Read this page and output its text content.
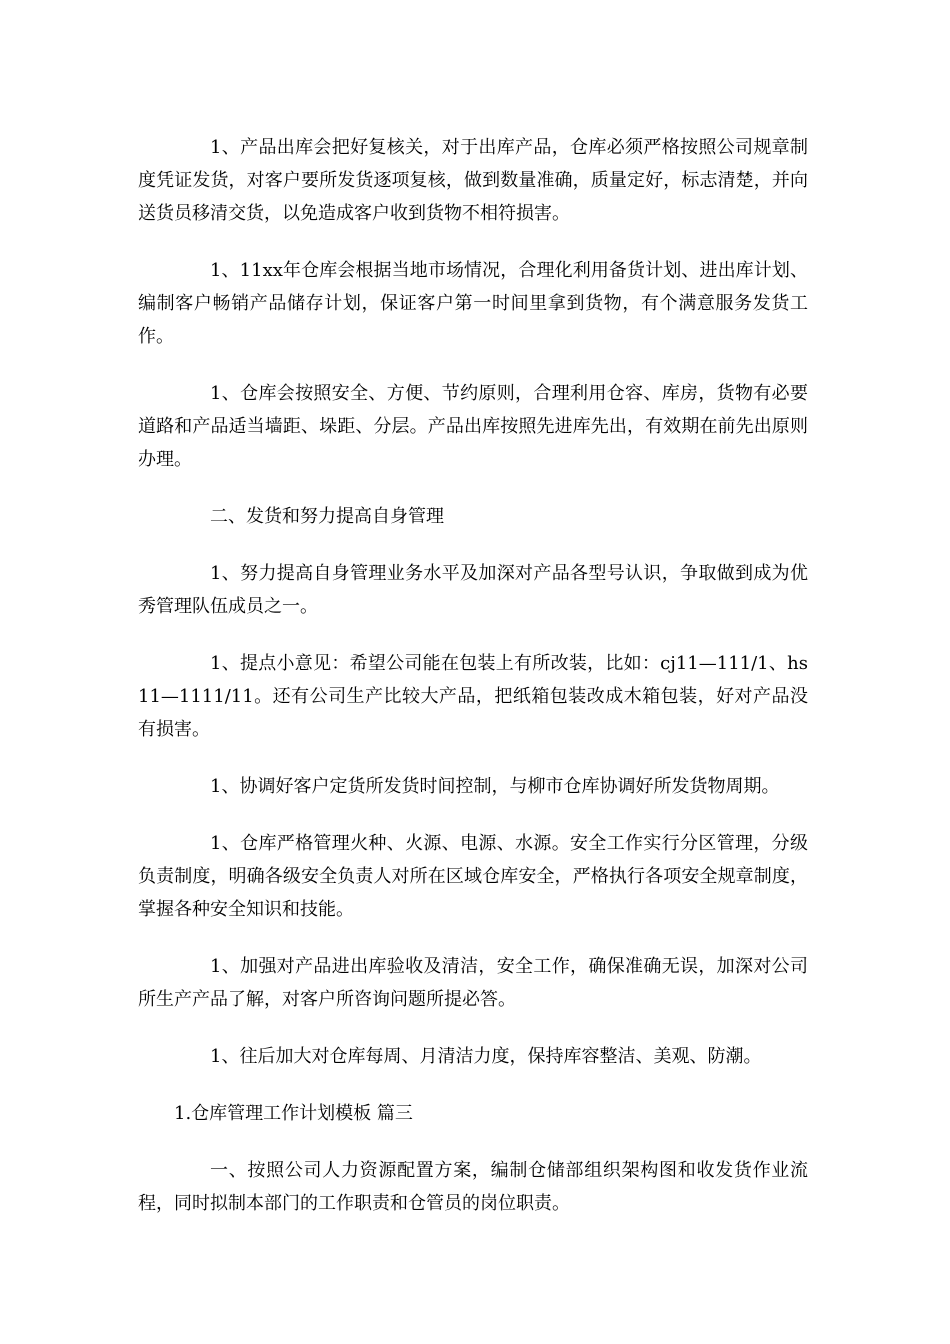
1、产品出库会把好复核关，对于出库产品，仓库必须严格按照公司规章制度凭证发货，对客户要所发货逐项复核，做到数量准确，质量定好，标志清楚，并向送货员移清交货，以免造成客户收到货物不相符损害。

1、11xx年仓库会根据当地市场情况，合理化利用备货计划、进出库计划、编制客户畅销产品储存计划，保证客户第一时间里拿到货物，有个满意服务发货工作。

1、仓库会按照安全、方便、节约原则，合理利用仓容、库房，货物有必要道路和产品适当墙距、垛距、分层。产品出库按照先进库先出，有效期在前先出原则办理。

二、发货和努力提高自身管理

1、努力提高自身管理业务水平及加深对产品各型号认识，争取做到成为优秀管理队伍成员之一。

1、提点小意见：希望公司能在包装上有所改装，比如：cj11—111/1、hs11—1111/11。还有公司生产比较大产品，把纸箱包装改成木箱包装，好对产品没有损害。

1、协调好客户定货所发货时间控制，与柳市仓库协调好所发货物周期。

1、仓库严格管理火种、火源、电源、水源。安全工作实行分区管理，分级负责制度，明确各级安全负责人对所在区域仓库安全，严格执行各项安全规章制度，掌握各种安全知识和技能。

1、加强对产品进出库验收及清洁，安全工作，确保准确无误，加深对公司所生产产品了解，对客户所咨询问题所提必答。

1、往后加大对仓库每周、月清洁力度，保持库容整洁、美观、防潮。

1.仓库管理工作计划模板 篇三

一、按照公司人力资源配置方案，编制仓储部组织架构图和收发货作业流程，同时拟制本部门的工作职责和仓管员的岗位职责。
